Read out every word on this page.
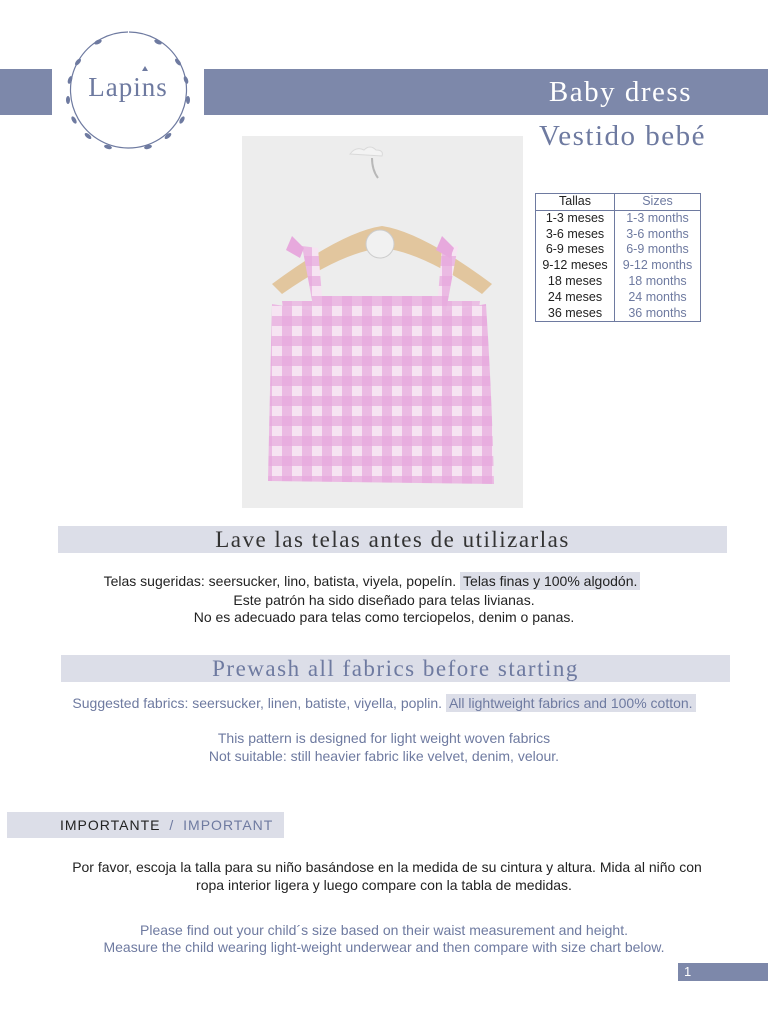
Baby dress
Vestido bebé
Lapins
Tallas	Sizes
1-3 meses	1-3 months
3-6 meses	3-6 months
6-9 meses	6-9 months
9-12 meses	9-12 months
18 meses	18 months
24 meses	24 months
36 meses	36 months
Lave las telas antes de utilizarlas
Telas sugeridas: seersucker, lino, batista, viyela, popelín. Telas finas y 100% algodón.
Este patrón ha sido diseñado para telas livianas.
No es adecuado para telas como terciopelos, denim o panas.
Prewash all fabrics before starting
Suggested fabrics: seersucker, linen, batiste, viyella, poplin. All lightweight fabrics and 100% cotton.
This pattern is designed for light weight woven fabrics
Not suitable: still heavier fabric like velvet, denim, velour.
IMPORTANTE / IMPORTANT
Por favor, escoja la talla para su niño basándose en la medida de su cintura y altura. Mida al niño con
ropa interior ligera y luego compare con la tabla de medidas.
Please find out your child´s size based on their waist measurement and height.
Measure the child wearing light-weight underwear and then compare with size chart below.
1
